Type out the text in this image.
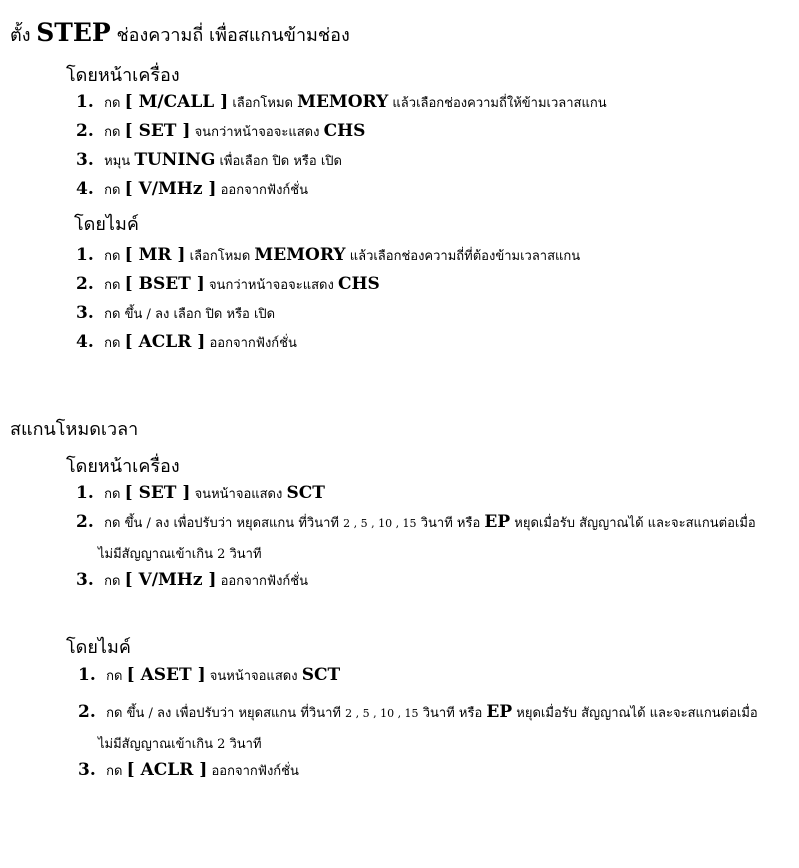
ตั้ง STEP ช่องความถี่ เพื่อสแกนข้ามช่อง
โดยหน้าเครื่อง
1. กด [ M/CALL ] เลือกโหมด MEMORY แล้วเลือกช่องความถี่ให้ข้ามเวลาสแกน
2. กด [ SET ] จนกว่าหน้าจอจะแสดง CHS
3. หมุน TUNING เพื่อเลือก ปิด หรือ เปิด
4. กด [ V/MHz ] ออกจากฟังก์ชั่น
โดยไมค์
1. กด [ MR ] เลือกโหมด MEMORY แล้วเลือกช่องความถี่ที่ต้องข้ามเวลาสแกน
2. กด [ BSET ] จนกว่าหน้าจอจะแสดง CHS
3. กด ขึ้น / ลง เลือก ปิด หรือ เปิด
4. กด [ ACLR ] ออกจากฟังก์ชั่น
สแกนโหมดเวลา
โดยหน้าเครื่อง
1. กด [ SET ] จนหน้าจอแสดง SCT
2. กด ขึ้น / ลง เพื่อปรับว่า หยุดสแกน ที่วินาที 2 , 5 , 10 , 15 วินาที หรือ EP หยุดเมื่อรับ สัญญาณได้ และจะสแกนต่อเมื่อ
ไม่มีสัญญาณเข้าเกิน 2 วินาที
3. กด [ V/MHz ] ออกจากฟังก์ชั่น
โดยไมค์
1. กด [ ASET ] จนหน้าจอแสดง SCT
2. กด ขึ้น / ลง เพื่อปรับว่า หยุดสแกน ที่วินาที 2 , 5 , 10 , 15 วินาที หรือ EP หยุดเมื่อรับ สัญญาณได้ และจะสแกนต่อเมื่อ
ไม่มีสัญญาณเข้าเกิน 2 วินาที
3. กด [ ACLR ] ออกจากฟังก์ชั่น
